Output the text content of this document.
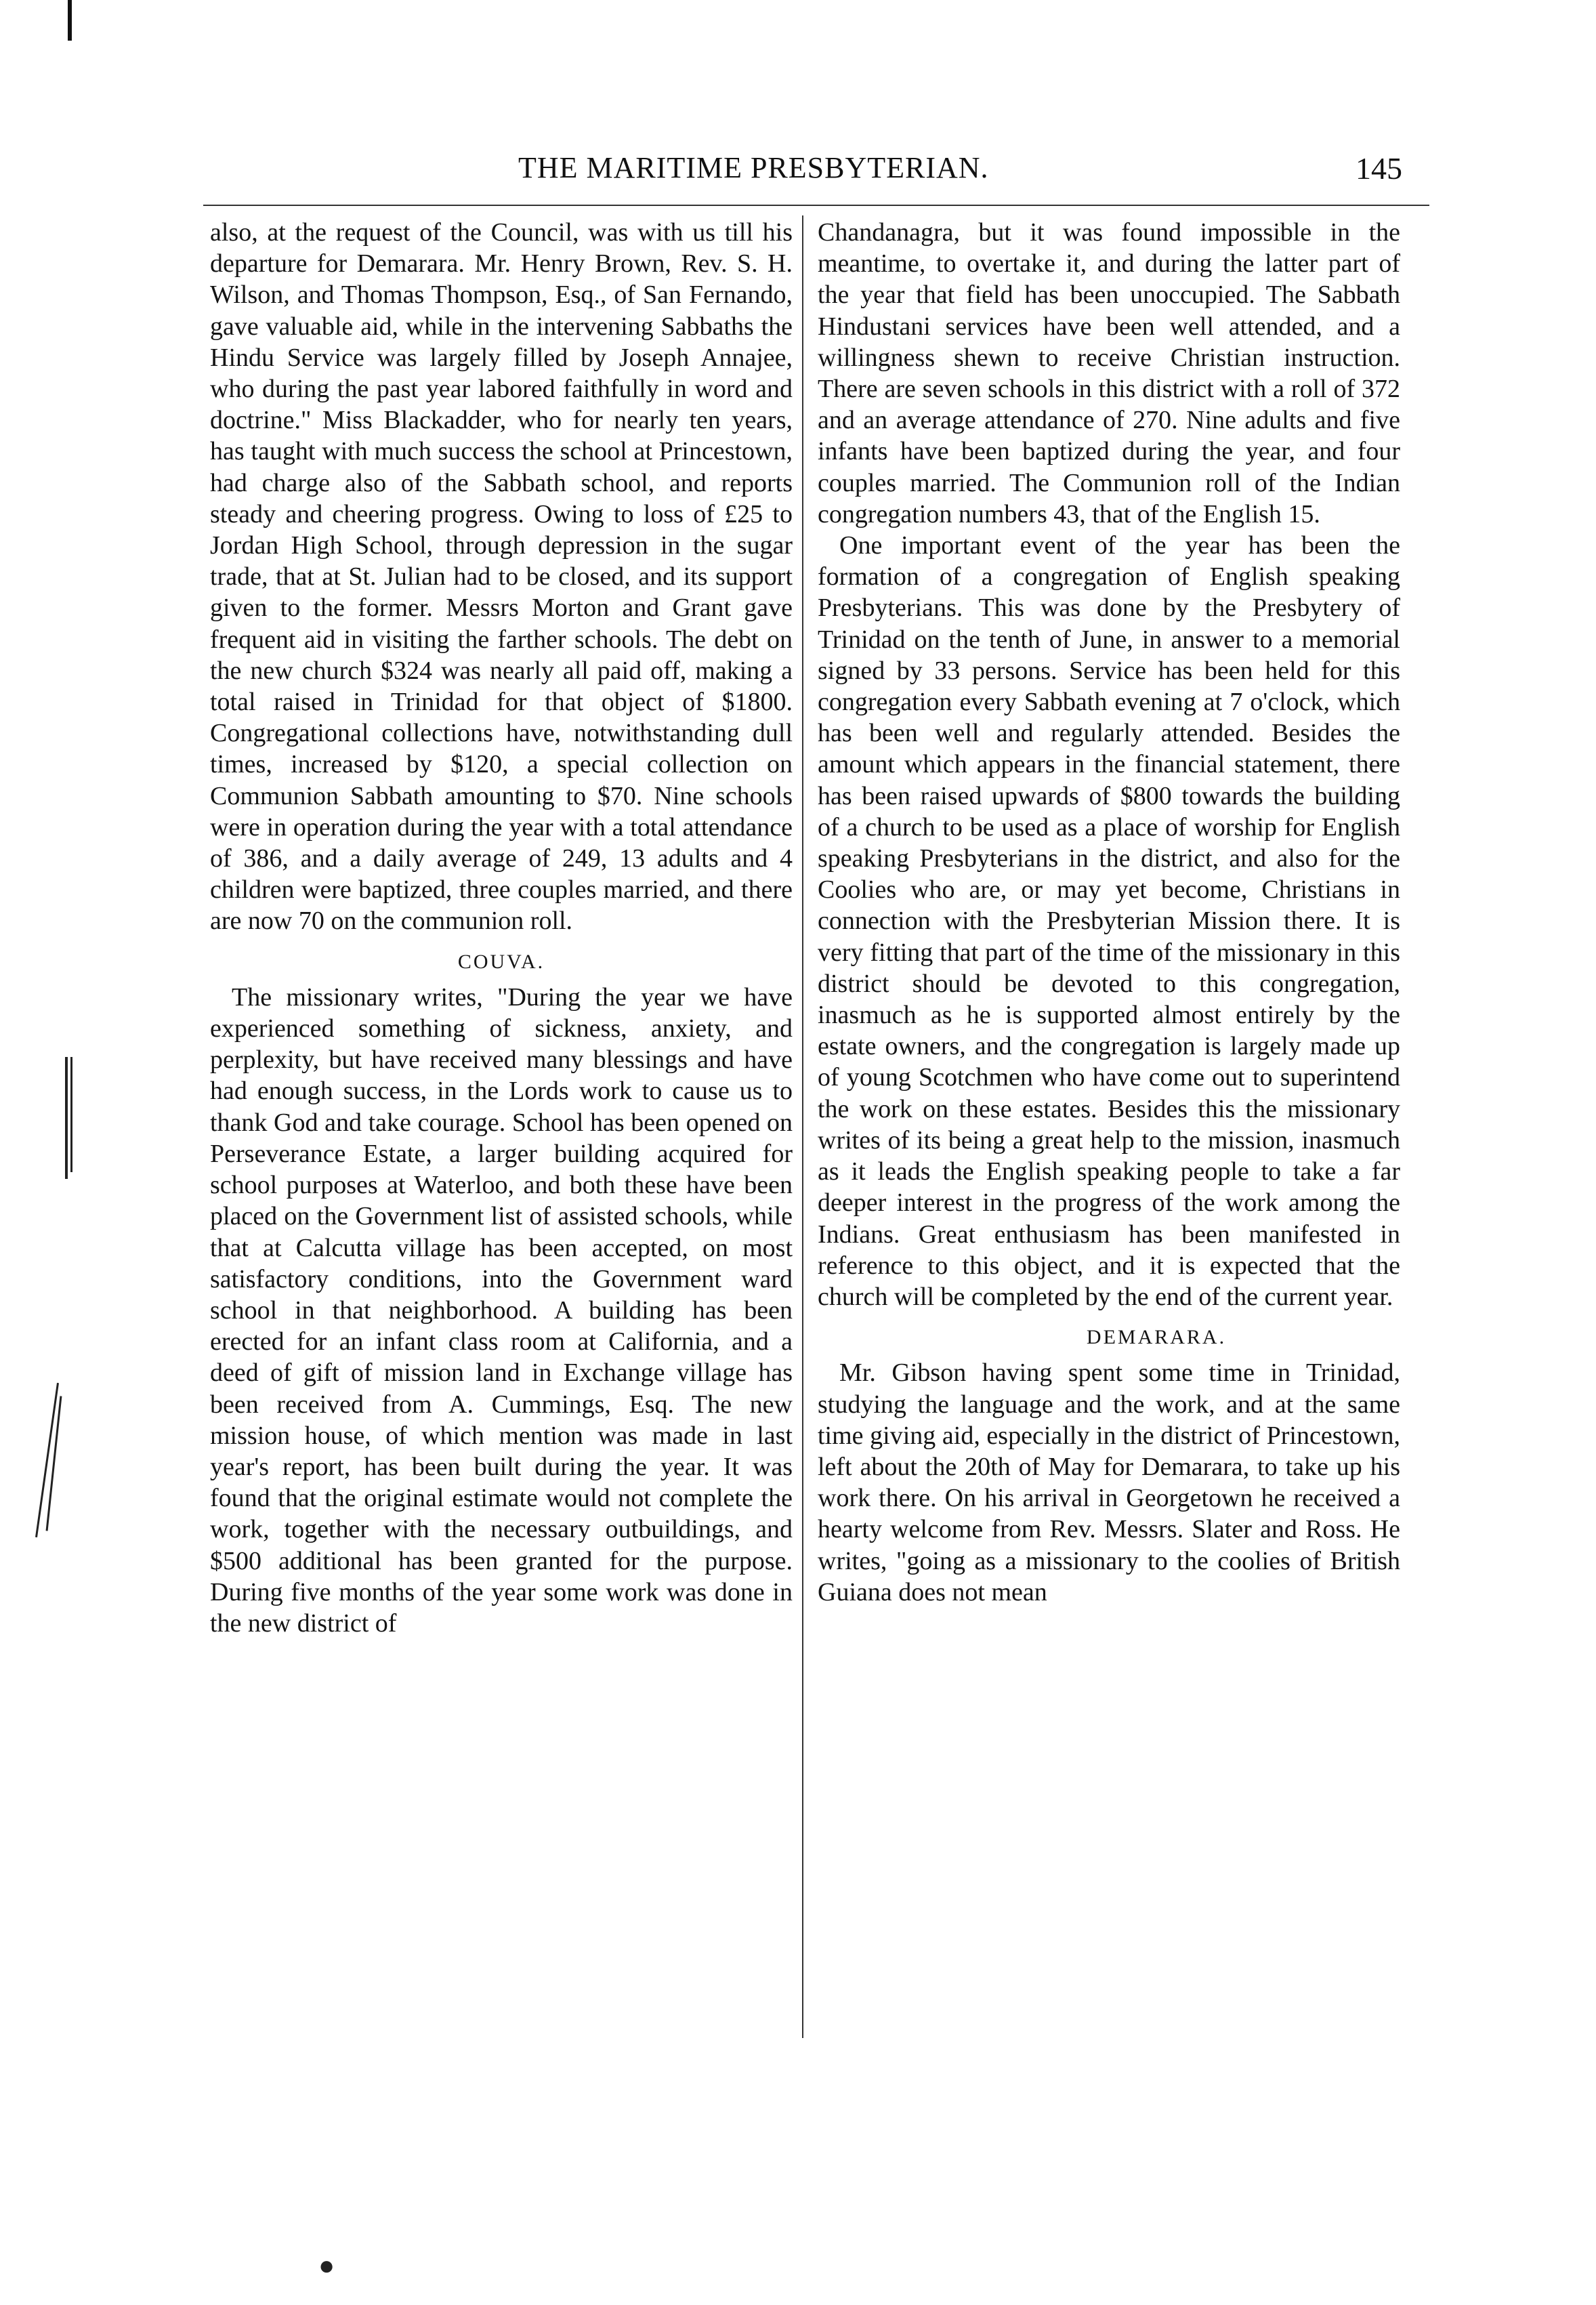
THE MARITIME PRESBYTERIAN.	145

also, at the request of the Council, was with us till his departure for Demarara. Mr. Henry Brown, Rev. S. H. Wilson, and Thomas Thompson, Esq., of San Fernando, gave valuable aid, while in the intervening Sabbaths the Hindu Service was largely filled by Joseph Annajee, who during the past year labored faithfully in word and doctrine." Miss Blackadder, who for nearly ten years, has taught with much success the school at Princestown, had charge also of the Sabbath school, and reports steady and cheering progress. Owing to loss of £25 to Jordan High School, through depression in the sugar trade, that at St. Julian had to be closed, and its support given to the former. Messrs Morton and Grant gave frequent aid in visiting the farther schools. The debt on the new church $324 was nearly all paid off, making a total raised in Trinidad for that object of $1800. Congregational collections have, notwithstanding dull times, increased by $120, a special collection on Communion Sabbath amounting to $70. Nine schools were in operation during the year with a total attendance of 386, and a daily average of 249, 13 adults and 4 children were baptized, three couples married, and there are now 70 on the communion roll.

COUVA.

The missionary writes, "During the year we have experienced something of sickness, anxiety, and perplexity, but have received many blessings and have had enough success, in the Lords work to cause us to thank God and take courage. School has been opened on Perseverance Estate, a larger building acquired for school purposes at Waterloo, and both these have been placed on the Government list of assisted schools, while that at Calcutta village has been accepted, on most satisfactory conditions, into the Government ward school in that neighborhood. A building has been erected for an infant class room at California, and a deed of gift of mission land in Exchange village has been received from A. Cummings, Esq. The new mission house, of which mention was made in last year's report, has been built during the year. It was found that the original estimate would not complete the work, together with the necessary outbuildings, and $500 additional has been granted for the purpose. During five months of the year some work was done in the new district of

Chandanagra, but it was found impossible in the meantime, to overtake it, and during the latter part of the year that field has been unoccupied. The Sabbath Hindustani services have been well attended, and a willingness shewn to receive Christian instruction. There are seven schools in this district with a roll of 372 and an average attendance of 270. Nine adults and five infants have been baptized during the year, and four couples married. The Communion roll of the Indian congregation numbers 43, that of the English 15.

One important event of the year has been the formation of a congregation of English speaking Presbyterians. This was done by the Presbytery of Trinidad on the tenth of June, in answer to a memorial signed by 33 persons. Service has been held for this congregation every Sabbath evening at 7 o'clock, which has been well and regularly attended. Besides the amount which appears in the financial statement, there has been raised upwards of $800 towards the building of a church to be used as a place of worship for English speaking Presbyterians in the district, and also for the Coolies who are, or may yet become, Christians in connection with the Presbyterian Mission there. It is very fitting that part of the time of the missionary in this district should be devoted to this congregation, inasmuch as he is supported almost entirely by the estate owners, and the congregation is largely made up of young Scotchmen who have come out to superintend the work on these estates. Besides this the missionary writes of its being a great help to the mission, inasmuch as it leads the English speaking people to take a far deeper interest in the progress of the work among the Indians. Great enthusiasm has been manifested in reference to this object, and it is expected that the church will be completed by the end of the current year.

DEMARARA.

Mr. Gibson having spent some time in Trinidad, studying the language and the work, and at the same time giving aid, especially in the district of Princestown, left about the 20th of May for Demarara, to take up his work there. On his arrival in Georgetown he received a hearty welcome from Rev. Messrs. Slater and Ross. He writes, "going as a missionary to the coolies of British Guiana does not mean

●
